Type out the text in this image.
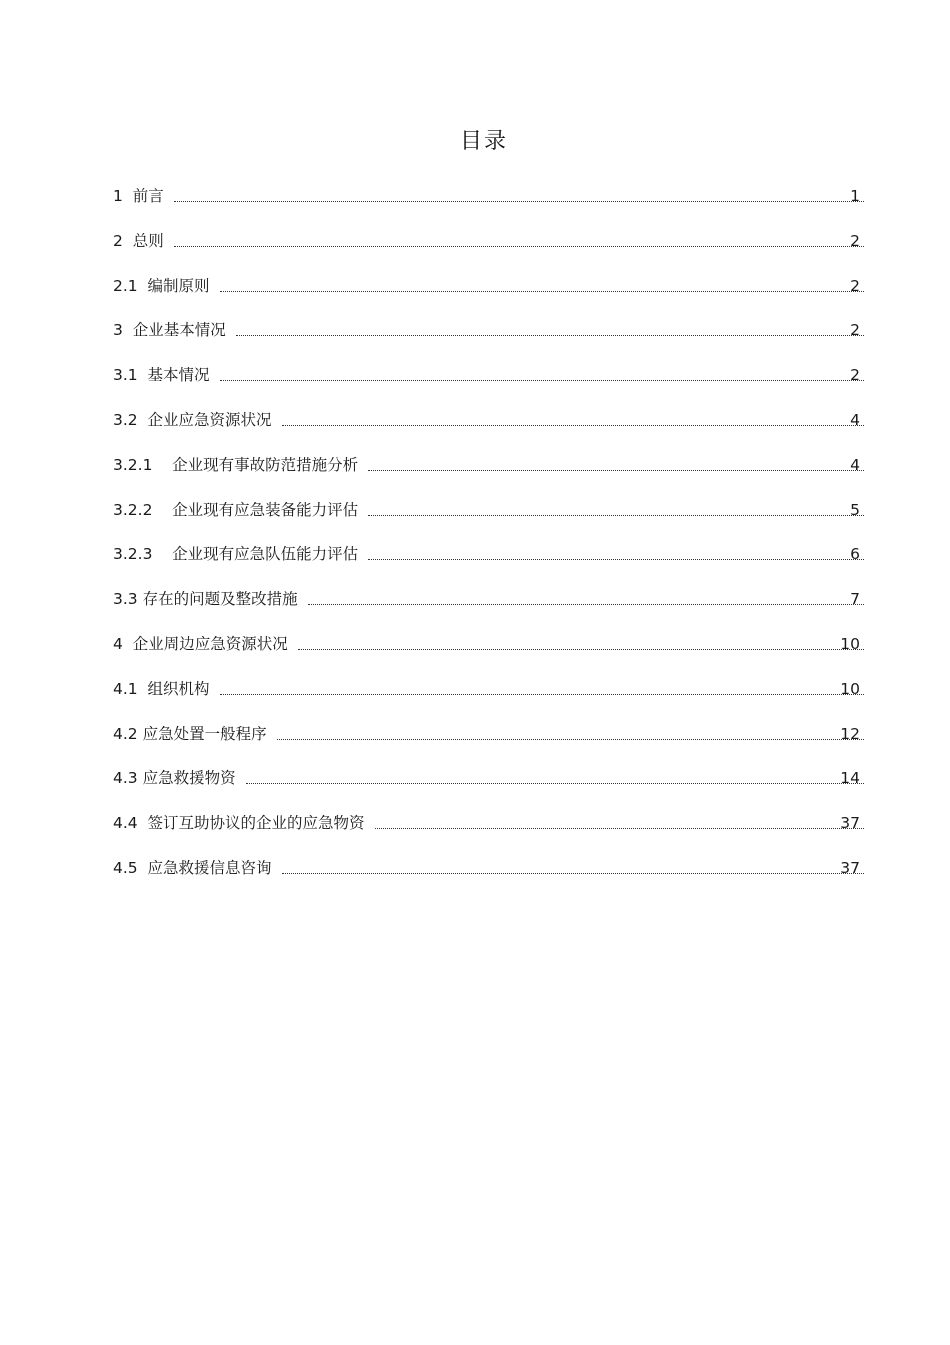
目录
1 前言	1
2 总则	2
2.1 编制原则	2
3 企业基本情况	2
3.1 基本情况	2
3.2 企业应急资源状况	4
3.2.1 企业现有事故防范措施分析	4
3.2.2 企业现有应急装备能力评估	5
3.2.3 企业现有应急队伍能力评估	6
3.3 存在的问题及整改措施	7
4 企业周边应急资源状况	10
4.1 组织机构	10
4.2 应急处置一般程序	12
4.3 应急救援物资	14
4.4 签订互助协议的企业的应急物资	37
4.5 应急救援信息咨询	37
